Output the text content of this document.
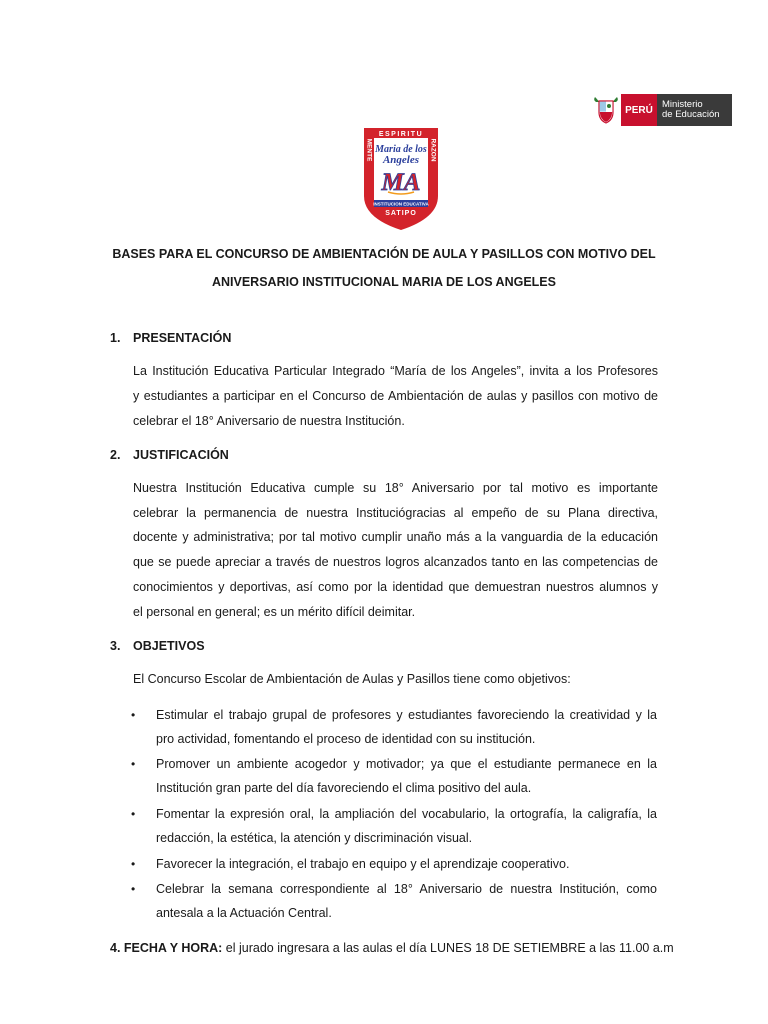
PERÚ Ministerio
de Educación
ESPIRITU
MENTE	RAZON
Maria de los
Angeles
MA
INSTITUCION EDUCATIVA
SATIPO
BASES PARA EL CONCURSO DE AMBIENTACIÓN DE AULA Y PASILLOS CON MOTIVO DEL
ANIVERSARIO INSTITUCIONAL MARIA DE LOS ANGELES
1. PRESENTACIÓN
La Institución Educativa Particular Integrado “María de los Angeles”, invita a los Profesores
y estudiantes a participar en el Concurso de Ambientación de aulas y pasillos con motivo de
celebrar el 18° Aniversario de nuestra Institución.
2. JUSTIFICACIÓN
Nuestra Institución Educativa cumple su 18° Aniversario por tal motivo es importante
celebrar la permanencia de nuestra Instituciógracias al empeño de su Plana directiva,
docente y administrativa; por tal motivo cumplir unaño más a la vanguardia de la educación
que se puede apreciar a través de nuestros logros alcanzados tanto en las competencias de
conocimientos y deportivas, así como por la identidad que demuestran nuestros alumnos y
el personal en general; es un mérito difícil deimitar.
3. OBJETIVOS
El Concurso Escolar de Ambientación de Aulas y Pasillos tiene como objetivos:
• Estimular el trabajo grupal de profesores y estudiantes favoreciendo la creatividad y la
pro actividad, fomentando el proceso de identidad con su institución.
• Promover un ambiente acogedor y motivador; ya que el estudiante permanece en la
Institución gran parte del día favoreciendo el clima positivo del aula.
• Fomentar la expresión oral, la ampliación del vocabulario, la ortografía, la caligrafía, la
redacción, la estética, la atención y discriminación visual.
• Favorecer la integración, el trabajo en equipo y el aprendizaje cooperativo.
• Celebrar la semana correspondiente al 18° Aniversario de nuestra Institución, como
antesala a la Actuación Central.
4. FECHA Y HORA: el jurado ingresara a las aulas el día LUNES 18 DE SETIEMBRE a las 11.00 a.m
